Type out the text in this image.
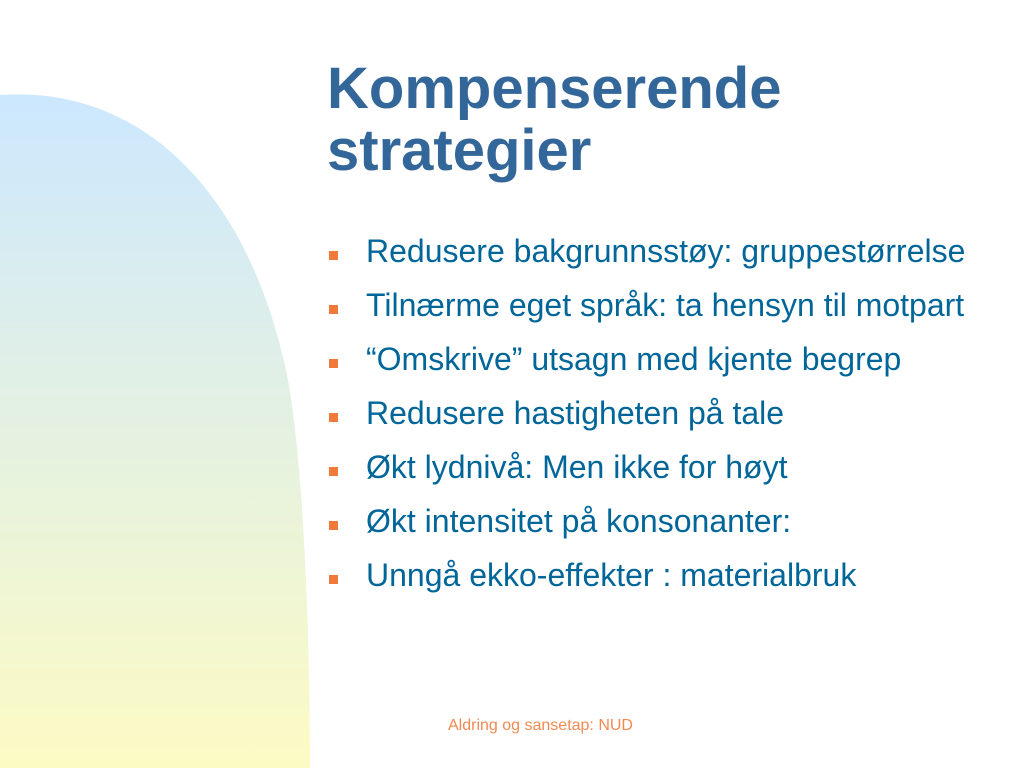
Kompenserende
strategier
Redusere bakgrunnsstøy: gruppestørrelse
Tilnærme eget språk: ta hensyn til motpart
“Omskrive” utsagn med kjente begrep
Redusere hastigheten på tale
Økt lydnivå: Men ikke for høyt
Økt intensitet på konsonanter:
Unngå ekko-effekter : materialbruk
Aldring og sansetap: NUD
